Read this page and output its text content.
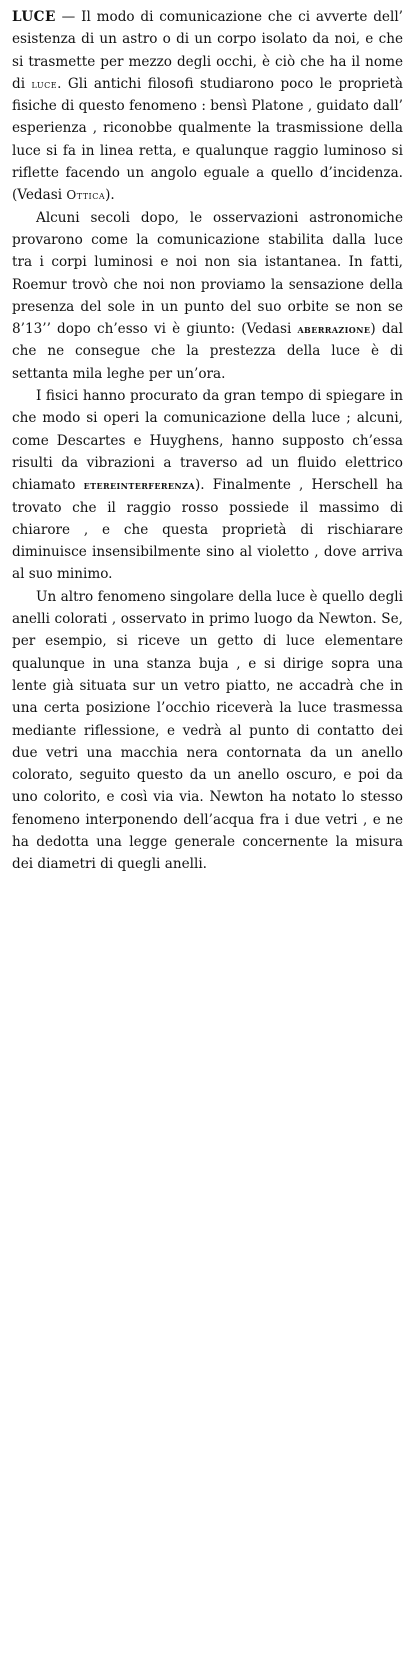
LUCE — Il modo di comunicazione che ci avverte dell’ esistenza di un astro o di un corpo isolato da noi, e che si trasmette per mezzo degli occhi, è ciò che ha il nome di luce. Gli antichi filosofi studiarono poco le proprietà fisiche di questo fenomeno : bensì Platone , guidato dall’ esperienza , riconobbe qualmente la trasmissione della luce si fa in linea retta, e qualunque raggio luminoso si riflette facendo un angolo eguale a quello d’incidenza. (Vedasi Ottica).

Alcuni secoli dopo, le osservazioni astronomiche provarono come la comunicazione stabilita dalla luce tra i corpi luminosi e noi non sia istantanea. In fatti, Roemur trovò che noi non proviamo la sensazione della presenza del sole in un punto del suo orbite se non se 8’13’’ dopo ch’esso vi è giunto: (Vedasi aberrazione) dal che ne consegue che la prestezza della luce è di settanta mila leghe per un’ora.

I fisici hanno procurato da gran tempo di spiegare in che modo si operi la comunicazione della luce ; alcuni, come Descartes e Huyghens, hanno supposto ch’essa risulti da vibrazioni a traverso ad un fluido elettrico chiamato etereinterferenza). Finalmente , Herschell ha trovato che il raggio rosso possiede il massimo di chiarore , e che questa proprietà di rischiarare diminuisce insensibilmente sino al violetto , dove arriva al suo minimo.

Un altro fenomeno singolare della luce è quello degli anelli colorati , osservato in primo luogo da Newton. Se, per esempio, si riceve un getto di luce elementare qualunque in una stanza buja , e si dirige sopra una lente già situata sur un vetro piatto, ne accadrà che in una certa posizione l’occhio riceverà la luce trasmessa mediante riflessione, e vedrà al punto di contatto dei due vetri una macchia nera contornata da un anello colorato, seguito questo da un anello oscuro, e poi da uno colorito, e così via via. Newton ha notato lo stesso fenomeno interponendo dell’acqua fra i due vetri , e ne ha dedotta una legge generale concernente la misura dei diametri di quegli anelli.
